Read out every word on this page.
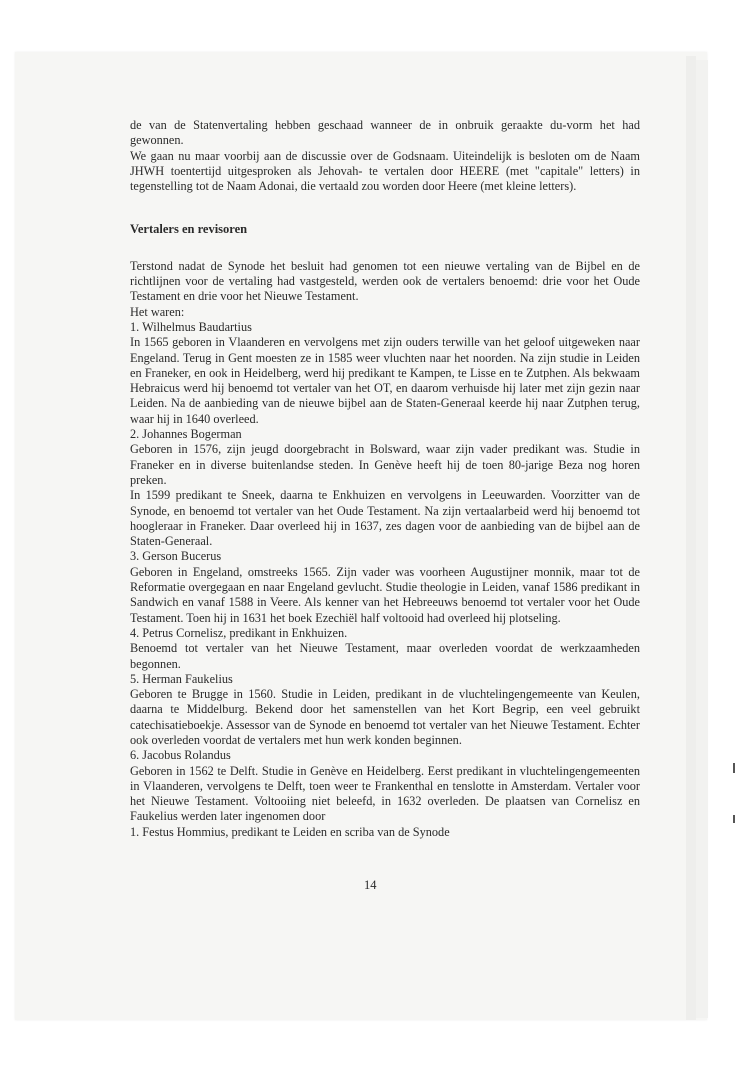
de van de Statenvertaling hebben geschaad wanneer de in onbruik geraakte du-vorm het had gewonnen.

We gaan nu maar voorbij aan de discussie over de Godsnaam. Uiteindelijk is besloten om de Naam JHWH toentertijd uitgesproken als Jehovah- te vertalen door HEERE (met "capitale" letters) in tegenstelling tot de Naam Adonai, die vertaald zou worden door Heere (met kleine letters).

Vertalers en revisoren

Terstond nadat de Synode het besluit had genomen tot een nieuwe vertaling van de Bijbel en de richtlijnen voor de vertaling had vastgesteld, werden ook de vertalers benoemd: drie voor het Oude Testament en drie voor het Nieuwe Testament.

Het waren:

1. Wilhelmus Baudartius

In 1565 geboren in Vlaanderen en vervolgens met zijn ouders terwille van het geloof uitgeweken naar Engeland. Terug in Gent moesten ze in 1585 weer vluchten naar het noorden. Na zijn studie in Leiden en Franeker, en ook in Heidelberg, werd hij predikant te Kampen, te Lisse en te Zutphen. Als bekwaam Hebraicus werd hij benoemd tot vertaler van het OT, en daarom verhuisde hij later met zijn gezin naar Leiden. Na de aanbieding van de nieuwe bijbel aan de Staten-Generaal keerde hij naar Zutphen terug, waar hij in 1640 overleed.

2. Johannes Bogerman

Geboren in 1576, zijn jeugd doorgebracht in Bolsward, waar zijn vader predikant was. Studie in Franeker en in diverse buitenlandse steden. In Genève heeft hij de toen 80-jarige Beza nog horen preken.

In 1599 predikant te Sneek, daarna te Enkhuizen en vervolgens in Leeuwarden. Voorzitter van de Synode, en benoemd tot vertaler van het Oude Testament. Na zijn vertaalarbeid werd hij benoemd tot hoogleraar in Franeker. Daar overleed hij in 1637, zes dagen voor de aanbieding van de bijbel aan de Staten-Generaal.

3. Gerson Bucerus

Geboren in Engeland, omstreeks 1565. Zijn vader was voorheen Augustijner monnik, maar tot de Reformatie overgegaan en naar Engeland gevlucht. Studie theologie in Leiden, vanaf 1586 predikant in Sandwich en vanaf 1588 in Veere. Als kenner van het Hebreeuws benoemd tot vertaler voor het Oude Testament. Toen hij in 1631 het boek Ezechiël half voltooid had overleed hij plotseling.

4. Petrus Cornelisz, predikant in Enkhuizen.

Benoemd tot vertaler van het Nieuwe Testament, maar overleden voordat de werkzaamheden begonnen.

5. Herman Faukelius

Geboren te Brugge in 1560. Studie in Leiden, predikant in de vluchtelingengemeente van Keulen, daarna te Middelburg. Bekend door het samenstellen van het Kort Begrip, een veel gebruikt catechisatieboekje. Assessor van de Synode en benoemd tot vertaler van het Nieuwe Testament. Echter ook overleden voordat de vertalers met hun werk konden beginnen.

6. Jacobus Rolandus

Geboren in 1562 te Delft. Studie in Genève en Heidelberg. Eerst predikant in vluchtelingengemeenten in Vlaanderen, vervolgens te Delft, toen weer te Frankenthal en tenslotte in Amsterdam. Vertaler voor het Nieuwe Testament. Voltooiing niet beleefd, in 1632 overleden. De plaatsen van Cornelisz en Faukelius werden later ingenomen door

1. Festus Hommius, predikant te Leiden en scriba van de Synode

14
